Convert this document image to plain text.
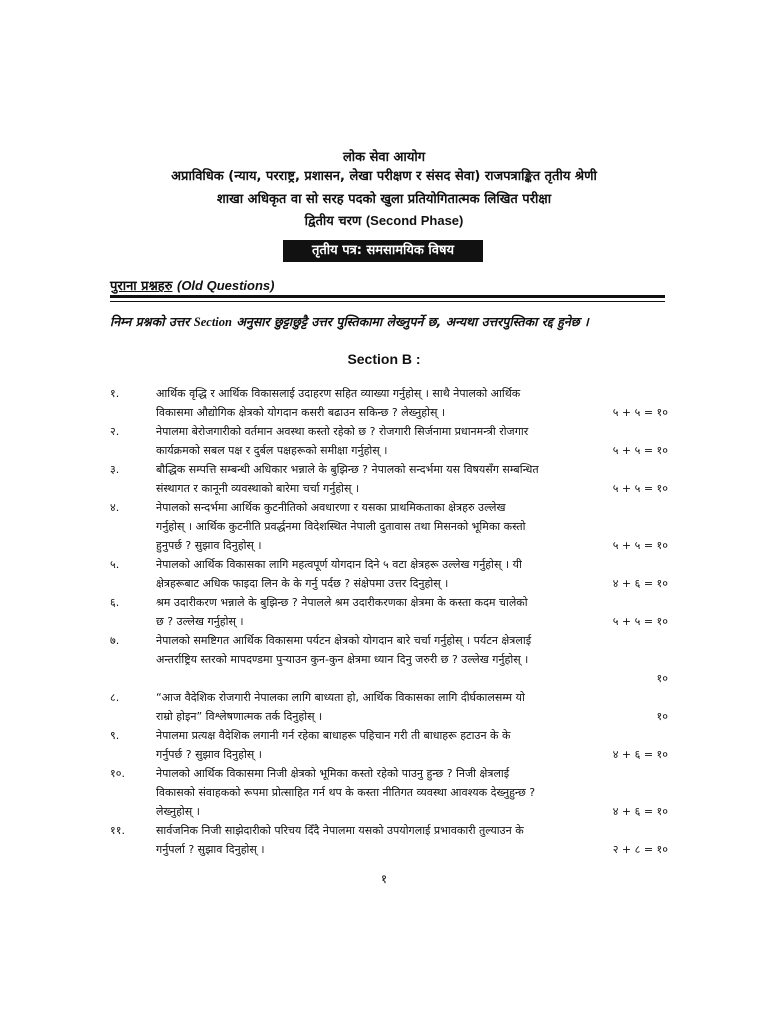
लोक सेवा आयोग
अप्राविधिक (न्याय, परराष्ट्र, प्रशासन, लेखा परीक्षण र संसद सेवा) राजपत्राङ्कित तृतीय श्रेणी
शाखा अधिकृत वा सो सरह पदको खुला प्रतियोगितात्मक लिखित परीक्षा
द्वितीय चरण (Second Phase)
तृतीय पत्र: समसामयिक विषय
पुराना प्रश्नहरु (Old Questions)
निम्न प्रश्नको उत्तर Section अनुसार छुट्टाछुट्टै उत्तर पुस्तिकामा लेख्नुपर्ने छ, अन्यथा उत्तरपुस्तिका रद्द हुनेछ ।
Section B :
१.	आर्थिक वृद्धि र आर्थिक विकासलाई उदाहरण सहित व्याख्या गर्नुहोस् । साथै नेपालको आर्थिक
विकासमा औद्योगिक क्षेत्रको योगदान कसरी बढाउन सकिन्छ ? लेख्नुहोस् ।	५ + ५ = १०
२.	नेपालमा बेरोजगारीको वर्तमान अवस्था कस्तो रहेको छ ? रोजगारी सिर्जनामा प्रधानमन्त्री रोजगार
कार्यक्रमको सबल पक्ष र दुर्बल पक्षहरूको समीक्षा गर्नुहोस् ।	५ + ५ = १०
३.	बौद्धिक सम्पत्ति सम्बन्धी अधिकार भन्नाले के बुझिन्छ ? नेपालको सन्दर्भमा यस विषयसँग सम्बन्धित
संस्थागत र कानूनी व्यवस्थाको बारेमा चर्चा गर्नुहोस् ।	५ + ५ = १०
४.	नेपालको सन्दर्भमा आर्थिक कुटनीतिको अवधारणा र यसका प्राथमिकताका क्षेत्रहरु उल्लेख
गर्नुहोस् । आर्थिक कुटनीति प्रवर्द्धनमा विदेशस्थित नेपाली दुतावास तथा मिसनको भूमिका कस्तो
हुनुपर्छ ? सुझाव दिनुहोस् ।	५ + ५ = १०
५.	नेपालको आर्थिक विकासका लागि महत्वपूर्ण योगदान दिने ५ वटा क्षेत्रहरू उल्लेख गर्नुहोस् । यी
क्षेत्रहरूबाट अधिक फाइदा लिन के के गर्नु पर्दछ ? संक्षेपमा उत्तर दिनुहोस् ।	४ + ६ = १०
६.	श्रम उदारीकरण भन्नाले के बुझिन्छ ? नेपालले श्रम उदारीकरणका क्षेत्रमा के कस्ता कदम चालेको
छ ? उल्लेख गर्नुहोस् ।	५ + ५ = १०
७.	नेपालको समष्टिगत आर्थिक विकासमा पर्यटन क्षेत्रको योगदान बारे चर्चा गर्नुहोस् । पर्यटन क्षेत्रलाई
अन्तर्राष्ट्रिय स्तरको मापदण्डमा पुऱ्याउन कुन-कुन क्षेत्रमा ध्यान दिनु जरुरी छ ? उल्लेख गर्नुहोस् ।
१०
८.	“आज वैदेशिक रोजगारी नेपालका लागि बाध्यता हो, आर्थिक विकासका लागि दीर्घकालसम्म यो
राम्रो होइन” विश्लेषणात्मक तर्क दिनुहोस् ।	१०
९.	नेपालमा प्रत्यक्ष वैदेशिक लगानी गर्न रहेका बाधाहरू पहिचान गरी ती बाधाहरू हटाउन के के
गर्नुपर्छ ? सुझाव दिनुहोस् ।	४ + ६ = १०
१०.	नेपालको आर्थिक विकासमा निजी क्षेत्रको भूमिका कस्तो रहेको पाउनु हुन्छ ? निजी क्षेत्रलाई
विकासको संवाहकको रूपमा प्रोत्साहित गर्न थप के कस्ता नीतिगत व्यवस्था आवश्यक देख्नुहुन्छ ?
लेख्नुहोस् ।	४ + ६ = १०
११.	सार्वजनिक निजी साझेदारीको परिचय दिँदै नेपालमा यसको उपयोगलाई प्रभावकारी तुल्याउन के
गर्नुपर्ला ? सुझाव दिनुहोस् ।	२ + ८ = १०
१
